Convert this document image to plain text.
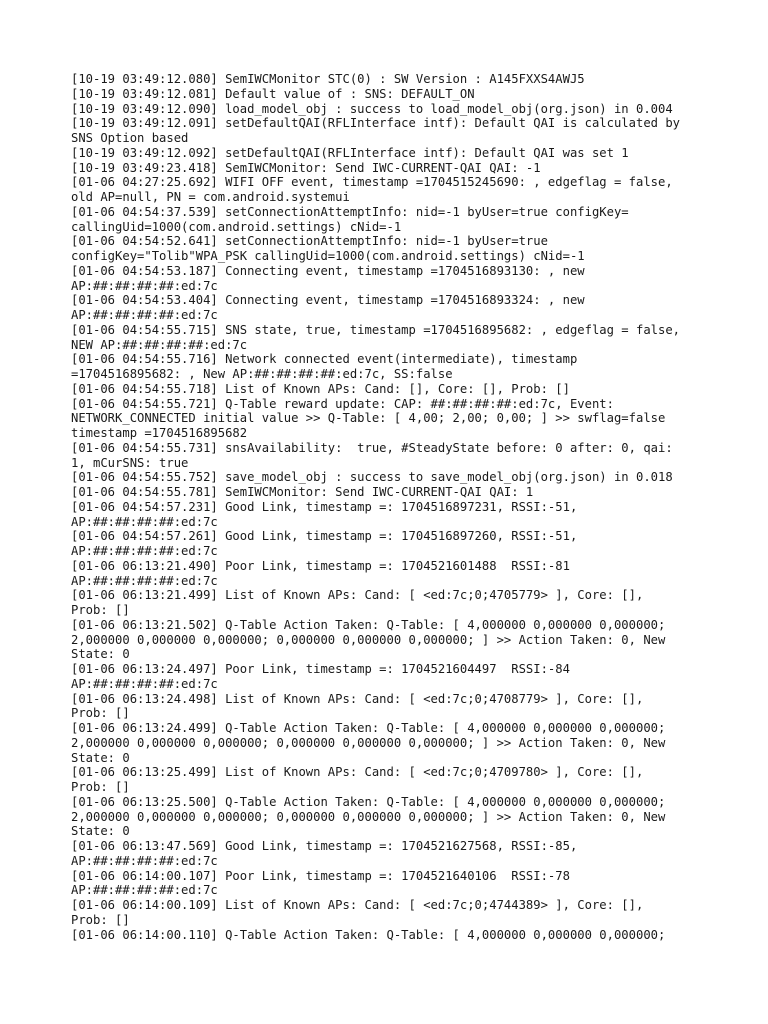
[10-19 03:49:12.080] SemIWCMonitor STC(0) : SW Version : A145FXXS4AWJ5
[10-19 03:49:12.081] Default value of : SNS: DEFAULT_ON
[10-19 03:49:12.090] load_model_obj : success to load_model_obj(org.json) in 0.004
[10-19 03:49:12.091] setDefaultQAI(RFLInterface intf): Default QAI is calculated by
SNS Option based
[10-19 03:49:12.092] setDefaultQAI(RFLInterface intf): Default QAI was set 1
[10-19 03:49:23.418] SemIWCMonitor: Send IWC-CURRENT-QAI QAI: -1
[01-06 04:27:25.692] WIFI OFF event, timestamp =1704515245690: , edgeflag = false,
old AP=null, PN = com.android.systemui
[01-06 04:54:37.539] setConnectionAttemptInfo: nid=-1 byUser=true configKey=
callingUid=1000(com.android.settings) cNid=-1
[01-06 04:54:52.641] setConnectionAttemptInfo: nid=-1 byUser=true
configKey="Tolib"WPA_PSK callingUid=1000(com.android.settings) cNid=-1
[01-06 04:54:53.187] Connecting event, timestamp =1704516893130: , new
AP:##:##:##:##:ed:7c
[01-06 04:54:53.404] Connecting event, timestamp =1704516893324: , new
AP:##:##:##:##:ed:7c
[01-06 04:54:55.715] SNS state, true, timestamp =1704516895682: , edgeflag = false,
NEW AP:##:##:##:##:ed:7c
[01-06 04:54:55.716] Network connected event(intermediate), timestamp
=1704516895682: , New AP:##:##:##:##:ed:7c, SS:false
[01-06 04:54:55.718] List of Known APs: Cand: [], Core: [], Prob: []
[01-06 04:54:55.721] Q-Table reward update: CAP: ##:##:##:##:ed:7c, Event:
NETWORK_CONNECTED initial value >> Q-Table: [ 4,00; 2,00; 0,00; ] >> swflag=false
timestamp =1704516895682
[01-06 04:54:55.731] snsAvailability:  true, #SteadyState before: 0 after: 0, qai:
1, mCurSNS: true
[01-06 04:54:55.752] save_model_obj : success to save_model_obj(org.json) in 0.018
[01-06 04:54:55.781] SemIWCMonitor: Send IWC-CURRENT-QAI QAI: 1
[01-06 04:54:57.231] Good Link, timestamp =: 1704516897231, RSSI:-51,
AP:##:##:##:##:ed:7c
[01-06 04:54:57.261] Good Link, timestamp =: 1704516897260, RSSI:-51,
AP:##:##:##:##:ed:7c
[01-06 06:13:21.490] Poor Link, timestamp =: 1704521601488  RSSI:-81
AP:##:##:##:##:ed:7c
[01-06 06:13:21.499] List of Known APs: Cand: [ <ed:7c;0;4705779> ], Core: [],
Prob: []
[01-06 06:13:21.502] Q-Table Action Taken: Q-Table: [ 4,000000 0,000000 0,000000;
2,000000 0,000000 0,000000; 0,000000 0,000000 0,000000; ] >> Action Taken: 0, New
State: 0
[01-06 06:13:24.497] Poor Link, timestamp =: 1704521604497  RSSI:-84
AP:##:##:##:##:ed:7c
[01-06 06:13:24.498] List of Known APs: Cand: [ <ed:7c;0;4708779> ], Core: [],
Prob: []
[01-06 06:13:24.499] Q-Table Action Taken: Q-Table: [ 4,000000 0,000000 0,000000;
2,000000 0,000000 0,000000; 0,000000 0,000000 0,000000; ] >> Action Taken: 0, New
State: 0
[01-06 06:13:25.499] List of Known APs: Cand: [ <ed:7c;0;4709780> ], Core: [],
Prob: []
[01-06 06:13:25.500] Q-Table Action Taken: Q-Table: [ 4,000000 0,000000 0,000000;
2,000000 0,000000 0,000000; 0,000000 0,000000 0,000000; ] >> Action Taken: 0, New
State: 0
[01-06 06:13:47.569] Good Link, timestamp =: 1704521627568, RSSI:-85,
AP:##:##:##:##:ed:7c
[01-06 06:14:00.107] Poor Link, timestamp =: 1704521640106  RSSI:-78
AP:##:##:##:##:ed:7c
[01-06 06:14:00.109] List of Known APs: Cand: [ <ed:7c;0;4744389> ], Core: [],
Prob: []
[01-06 06:14:00.110] Q-Table Action Taken: Q-Table: [ 4,000000 0,000000 0,000000;
